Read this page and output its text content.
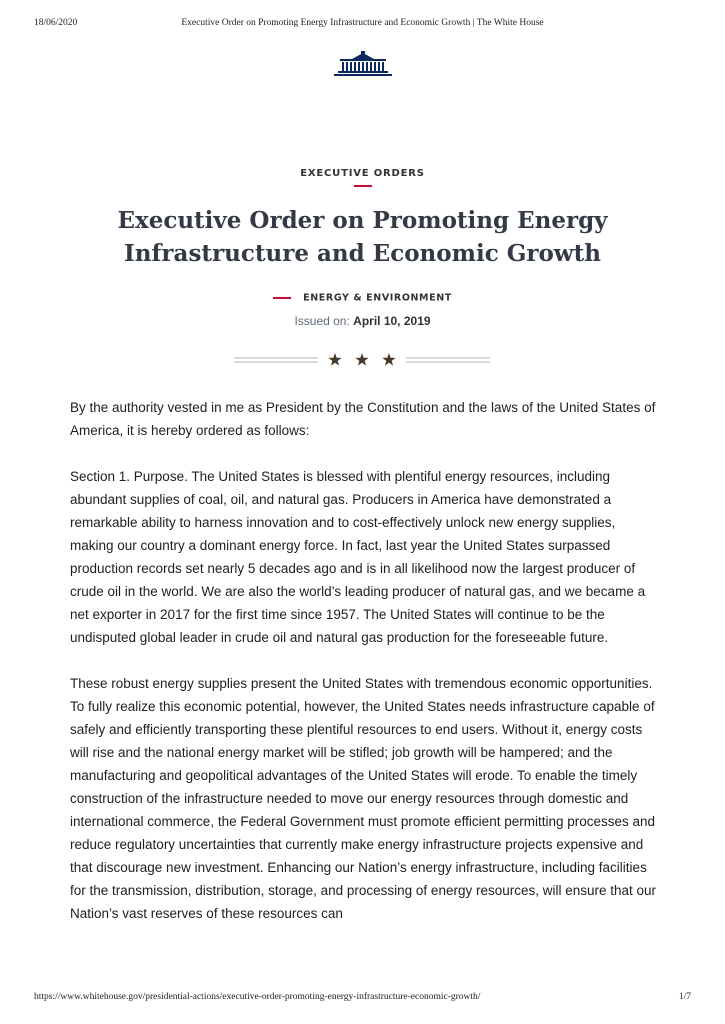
18/06/2020	Executive Order on Promoting Energy Infrastructure and Economic Growth | The White House
EXECUTIVE ORDERS
Executive Order on Promoting Energy
Infrastructure and Economic Growth
ENERGY & ENVIRONMENT
Issued on: April 10, 2019

By the authority vested in me as President by the Constitution and the laws of the United States of America, it is hereby ordered as follows:

Section 1. Purpose. The United States is blessed with plentiful energy resources, including abundant supplies of coal, oil, and natural gas. Producers in America have demonstrated a remarkable ability to harness innovation and to cost-effectively unlock new energy supplies, making our country a dominant energy force. In fact, last year the United States surpassed production records set nearly 5 decades ago and is in all likelihood now the largest producer of crude oil in the world. We are also the world’s leading producer of natural gas, and we became a net exporter in 2017 for the first time since 1957. The United States will continue to be the undisputed global leader in crude oil and natural gas production for the foreseeable future.

These robust energy supplies present the United States with tremendous economic opportunities. To fully realize this economic potential, however, the United States needs infrastructure capable of safely and efficiently transporting these plentiful resources to end users. Without it, energy costs will rise and the national energy market will be stifled; job growth will be hampered; and the manufacturing and geopolitical advantages of the United States will erode. To enable the timely construction of the infrastructure needed to move our energy resources through domestic and international commerce, the Federal Government must promote efficient permitting processes and reduce regulatory uncertainties that currently make energy infrastructure projects expensive and that discourage new investment. Enhancing our Nation’s energy infrastructure, including facilities for the transmission, distribution, storage, and processing of energy resources, will ensure that our Nation’s vast reserves of these resources can

https://www.whitehouse.gov/presidential-actions/executive-order-promoting-energy-infrastructure-economic-growth/	1/7
